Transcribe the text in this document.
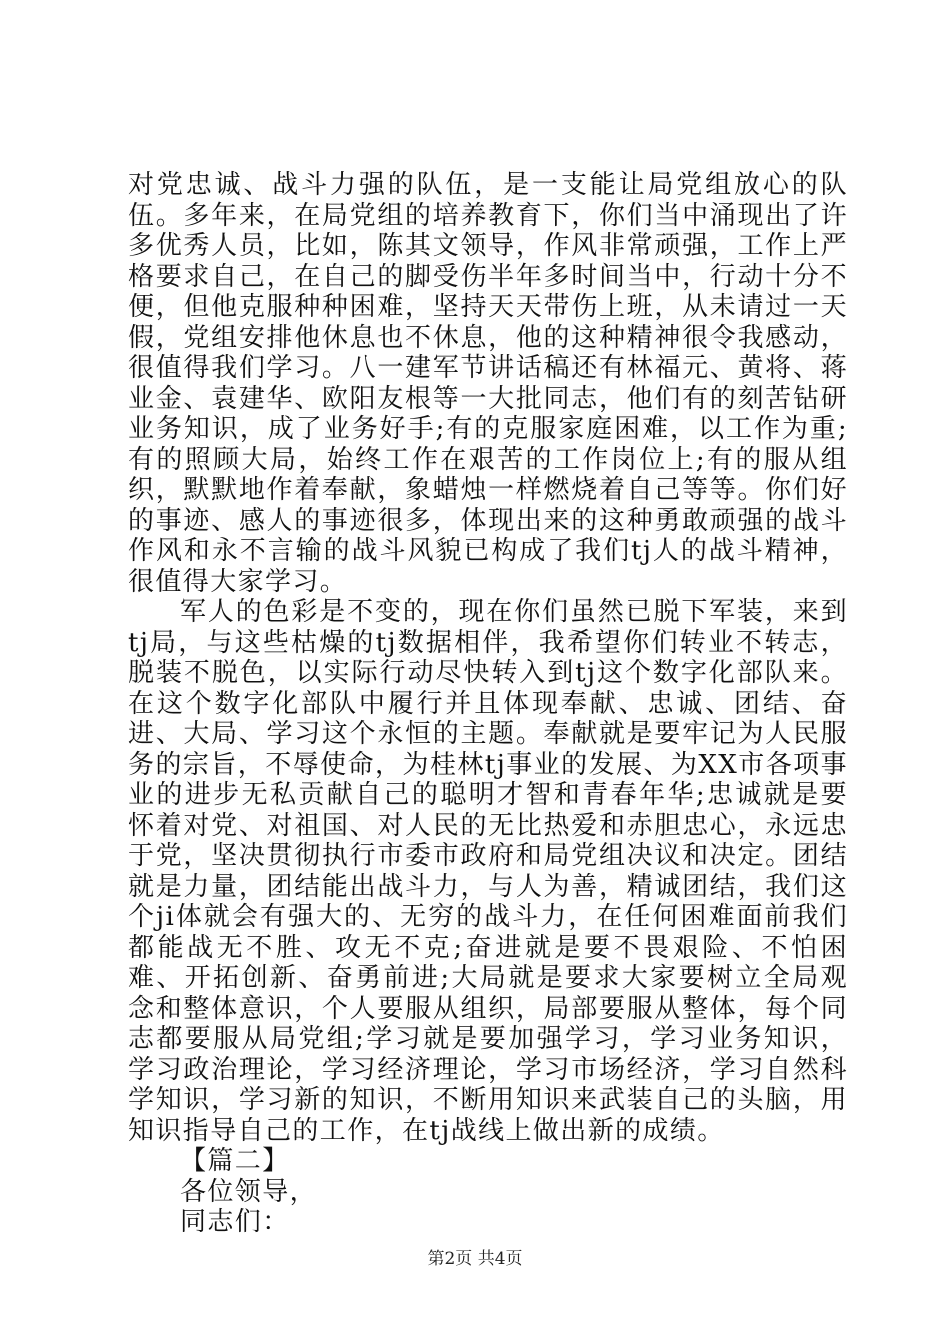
对党忠诚、战斗力强的队伍，是一支能让局党组放心的队伍。多年来，在局党组的培养教育下，你们当中涌现出了许多优秀人员，比如，陈其文领导，作风非常顽强，工作上严格要求自己，在自己的脚受伤半年多时间当中，行动十分不便，但他克服种种困难，坚持天天带伤上班，从未请过一天假，党组安排他休息也不休息，他的这种精神很令我感动，很值得我们学习。八一建军节讲话稿还有林福元、黄将、蒋业金、袁建华、欧阳友根等一大批同志，他们有的刻苦钻研业务知识，成了业务好手;有的克服家庭困难，以工作为重;有的照顾大局，始终工作在艰苦的工作岗位上;有的服从组织，默默地作着奉献，象蜡烛一样燃烧着自己等等。你们好的事迹、感人的事迹很多，体现出来的这种勇敢顽强的战斗作风和永不言输的战斗风貌已构成了我们tj人的战斗精神，很值得大家学习。

军人的色彩是不变的，现在你们虽然已脱下军装，来到tj局，与这些枯燥的tj数据相伴，我希望你们转业不转志，脱装不脱色，以实际行动尽快转入到tj这个数字化部队来。在这个数字化部队中履行并且体现奉献、忠诚、团结、奋进、大局、学习这个永恒的主题。奉献就是要牢记为人民服务的宗旨，不辱使命，为桂林tj事业的发展、为XX市各项事业的进步无私贡献自己的聪明才智和青春年华;忠诚就是要怀着对党、对祖国、对人民的无比热爱和赤胆忠心，永远忠于党，坚决贯彻执行市委市政府和局党组决议和决定。团结就是力量，团结能出战斗力，与人为善，精诚团结，我们这个ji体就会有强大的、无穷的战斗力，在任何困难面前我们都能战无不胜、攻无不克;奋进就是要不畏艰险、不怕困难、开拓创新、奋勇前进;大局就是要求大家要树立全局观念和整体意识，个人要服从组织，局部要服从整体，每个同志都要服从局党组;学习就是要加强学习，学习业务知识，学习政治理论，学习经济理论，学习市场经济，学习自然科学知识，学习新的知识，不断用知识来武装自己的头脑，用知识指导自己的工作，在tj战线上做出新的成绩。

【篇二】

各位领导，

同志们：

第2页 共4页
